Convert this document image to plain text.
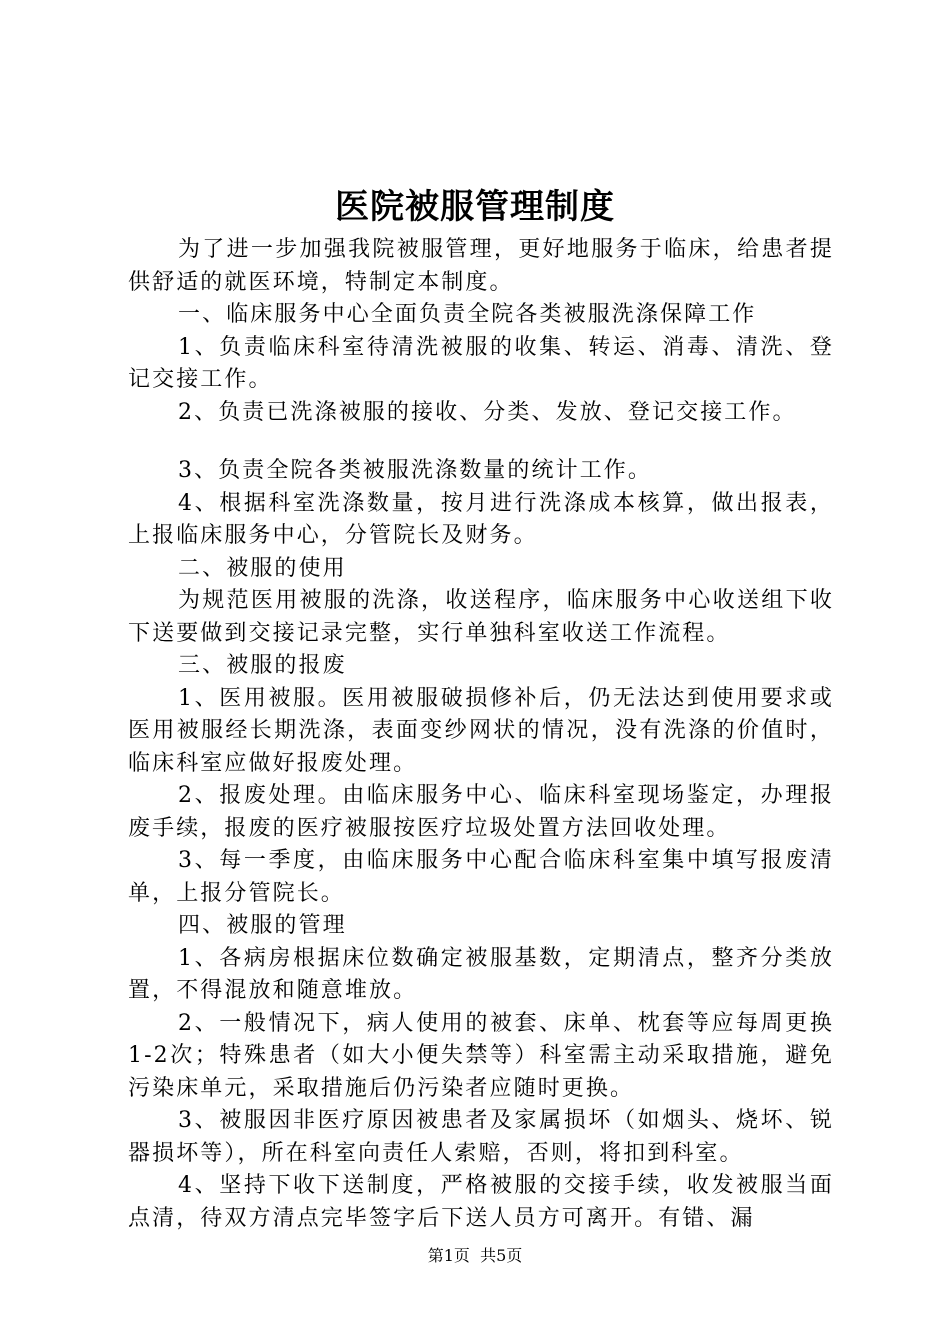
医院被服管理制度

为了进一步加强我院被服管理，更好地服务于临床，给患者提供舒适的就医环境，特制定本制度。

一、临床服务中心全面负责全院各类被服洗涤保障工作

1、负责临床科室待清洗被服的收集、转运、消毒、清洗、登记交接工作。

2、负责已洗涤被服的接收、分类、发放、登记交接工作。

3、负责全院各类被服洗涤数量的统计工作。

4、根据科室洗涤数量，按月进行洗涤成本核算，做出报表，上报临床服务中心，分管院长及财务。

二、被服的使用

为规范医用被服的洗涤，收送程序，临床服务中心收送组下收下送要做到交接记录完整，实行单独科室收送工作流程。

三、被服的报废

1、医用被服。医用被服破损修补后，仍无法达到使用要求或医用被服经长期洗涤，表面变纱网状的情况，没有洗涤的价值时，临床科室应做好报废处理。

2、报废处理。由临床服务中心、临床科室现场鉴定，办理报废手续，报废的医疗被服按医疗垃圾处置方法回收处理。

3、每一季度，由临床服务中心配合临床科室集中填写报废清单，上报分管院长。

四、被服的管理

1、各病房根据床位数确定被服基数，定期清点，整齐分类放置，不得混放和随意堆放。

2、一般情况下，病人使用的被套、床单、枕套等应每周更换1-2次；特殊患者（如大小便失禁等）科室需主动采取措施，避免污染床单元，采取措施后仍污染者应随时更换。

3、被服因非医疗原因被患者及家属损坏（如烟头、烧坏、锐器损坏等），所在科室向责任人索赔，否则，将扣到科室。

4、坚持下收下送制度，严格被服的交接手续，收发被服当面点清，待双方清点完毕签字后下送人员方可离开。有错、漏

第1页 共5页
